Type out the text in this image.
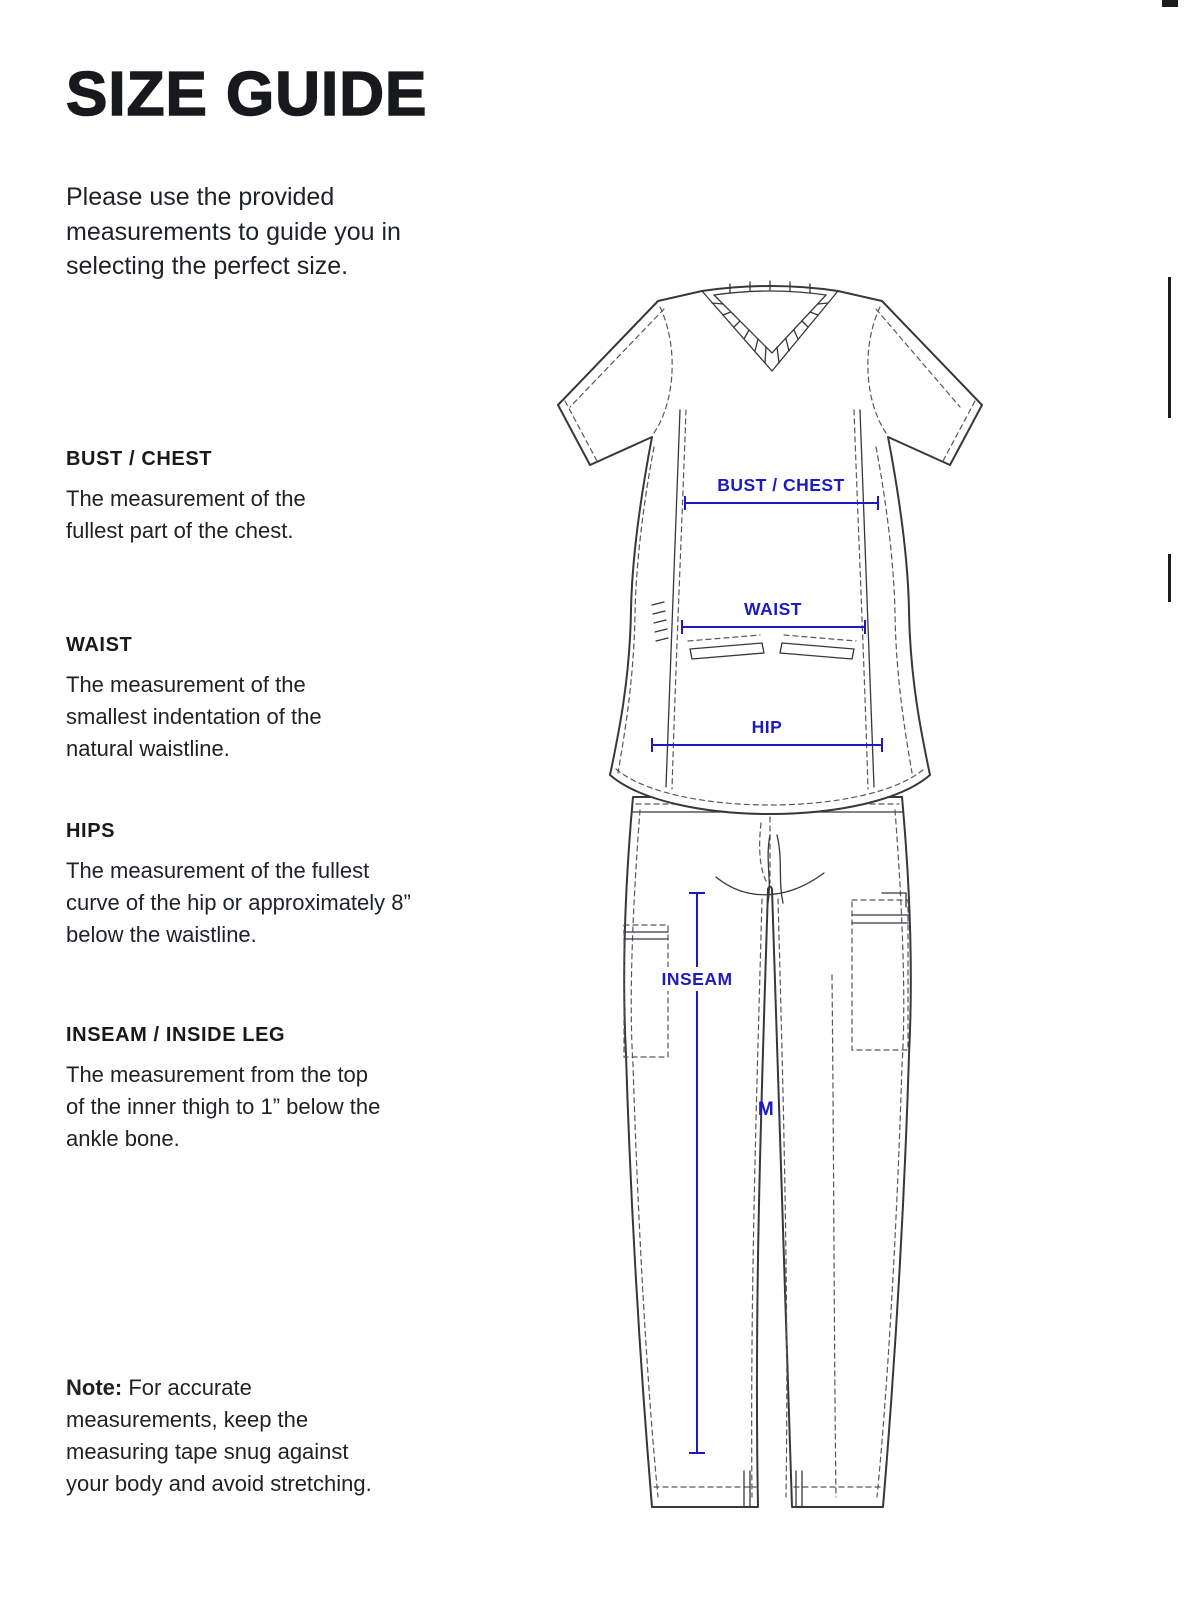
SIZE GUIDE
Please use the provided measurements to guide you in selecting the perfect size.
BUST / CHEST

The measurement of the fullest part of the chest.

WAIST

The measurement of the smallest indentation of the natural waistline.

HIPS

The measurement of the fullest curve of the hip or approximately 8” below the waistline.

INSEAM / INSIDE LEG

The measurement from the top of the inner thigh to 1” below the ankle bone.

Note: For accurate measurements, keep the measuring tape snug against your body and avoid stretching.
BUST / CHEST
WAIST
HIP
INSEAM
M
